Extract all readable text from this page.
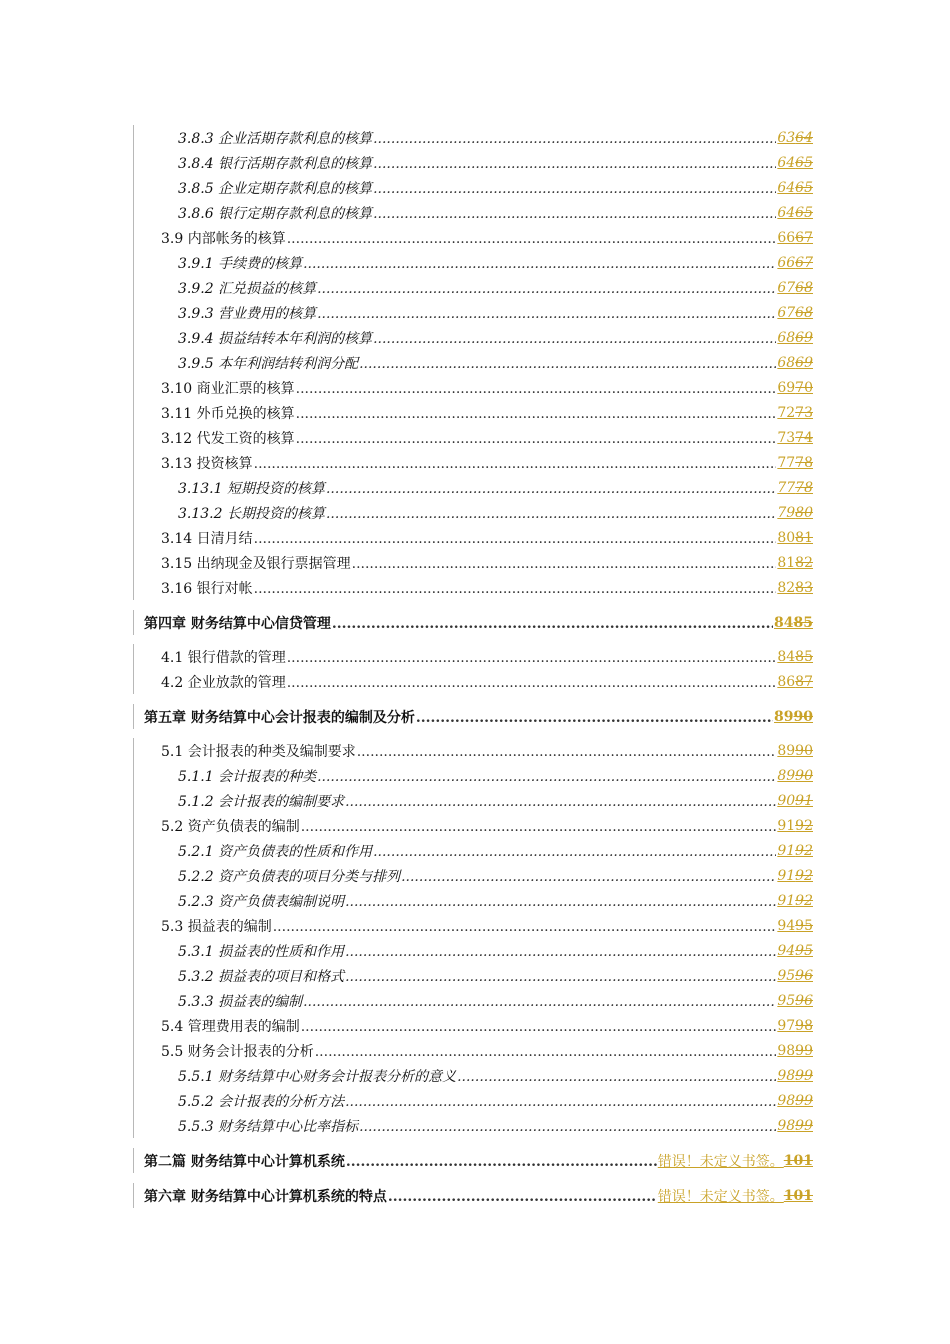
3.8.3 企业活期存款利息的核算 .....	6364
3.8.4 银行活期存款利息的核算 .....	6465
3.8.5 企业定期存款利息的核算 .....	6465
3.8.6 银行定期存款利息的核算 .....	6465
3.9 内部帐务的核算 .....	6667
3.9.1 手续费的核算 .....	6667
3.9.2 汇兑损益的核算 .....	6768
3.9.3 营业费用的核算 .....	6768
3.9.4 损益结转本年利润的核算 .....	6869
3.9.5 本年利润结转利润分配 .....	6869
3.10 商业汇票的核算 .....	6970
3.11 外币兑换的核算 .....	7273
3.12 代发工资的核算 .....	7374
3.13 投资核算 .....	7778
3.13.1 短期投资的核算 .....	7778
3.13.2 长期投资的核算 .....	7980
3.14 日清月结 .....	8081
3.15 出纳现金及银行票据管理 .....	8182
3.16 银行对帐 .....	8283
第四章 财务结算中心信贷管理 .....	8485
4.1 银行借款的管理 .....	8485
4.2 企业放款的管理 .....	8687
第五章 财务结算中心会计报表的编制及分析 .....	8990
5.1 会计报表的种类及编制要求 .....	8990
5.1.1 会计报表的种类 .....	8990
5.1.2 会计报表的编制要求 .....	9091
5.2 资产负债表的编制 .....	9192
5.2.1 资产负债表的性质和作用 .....	9192
5.2.2 资产负债表的项目分类与排列 .....	9192
5.2.3 资产负债表编制说明 .....	9192
5.3 损益表的编制 .....	9495
5.3.1 损益表的性质和作用 .....	9495
5.3.2 损益表的项目和格式 .....	9596
5.3.3 损益表的编制 .....	9596
5.4 管理费用表的编制 .....	9798
5.5 财务会计报表的分析 .....	9899
5.5.1 财务结算中心财务会计报表分析的意义 .....	9899
5.5.2 会计报表的分析方法 .....	9899
5.5.3 财务结算中心比率指标 .....	9899
第二篇 财务结算中心计算机系统 .....	错误！未定义书签。 101
第六章 财务结算中心计算机系统的特点 .....	错误！未定义书签。 101
